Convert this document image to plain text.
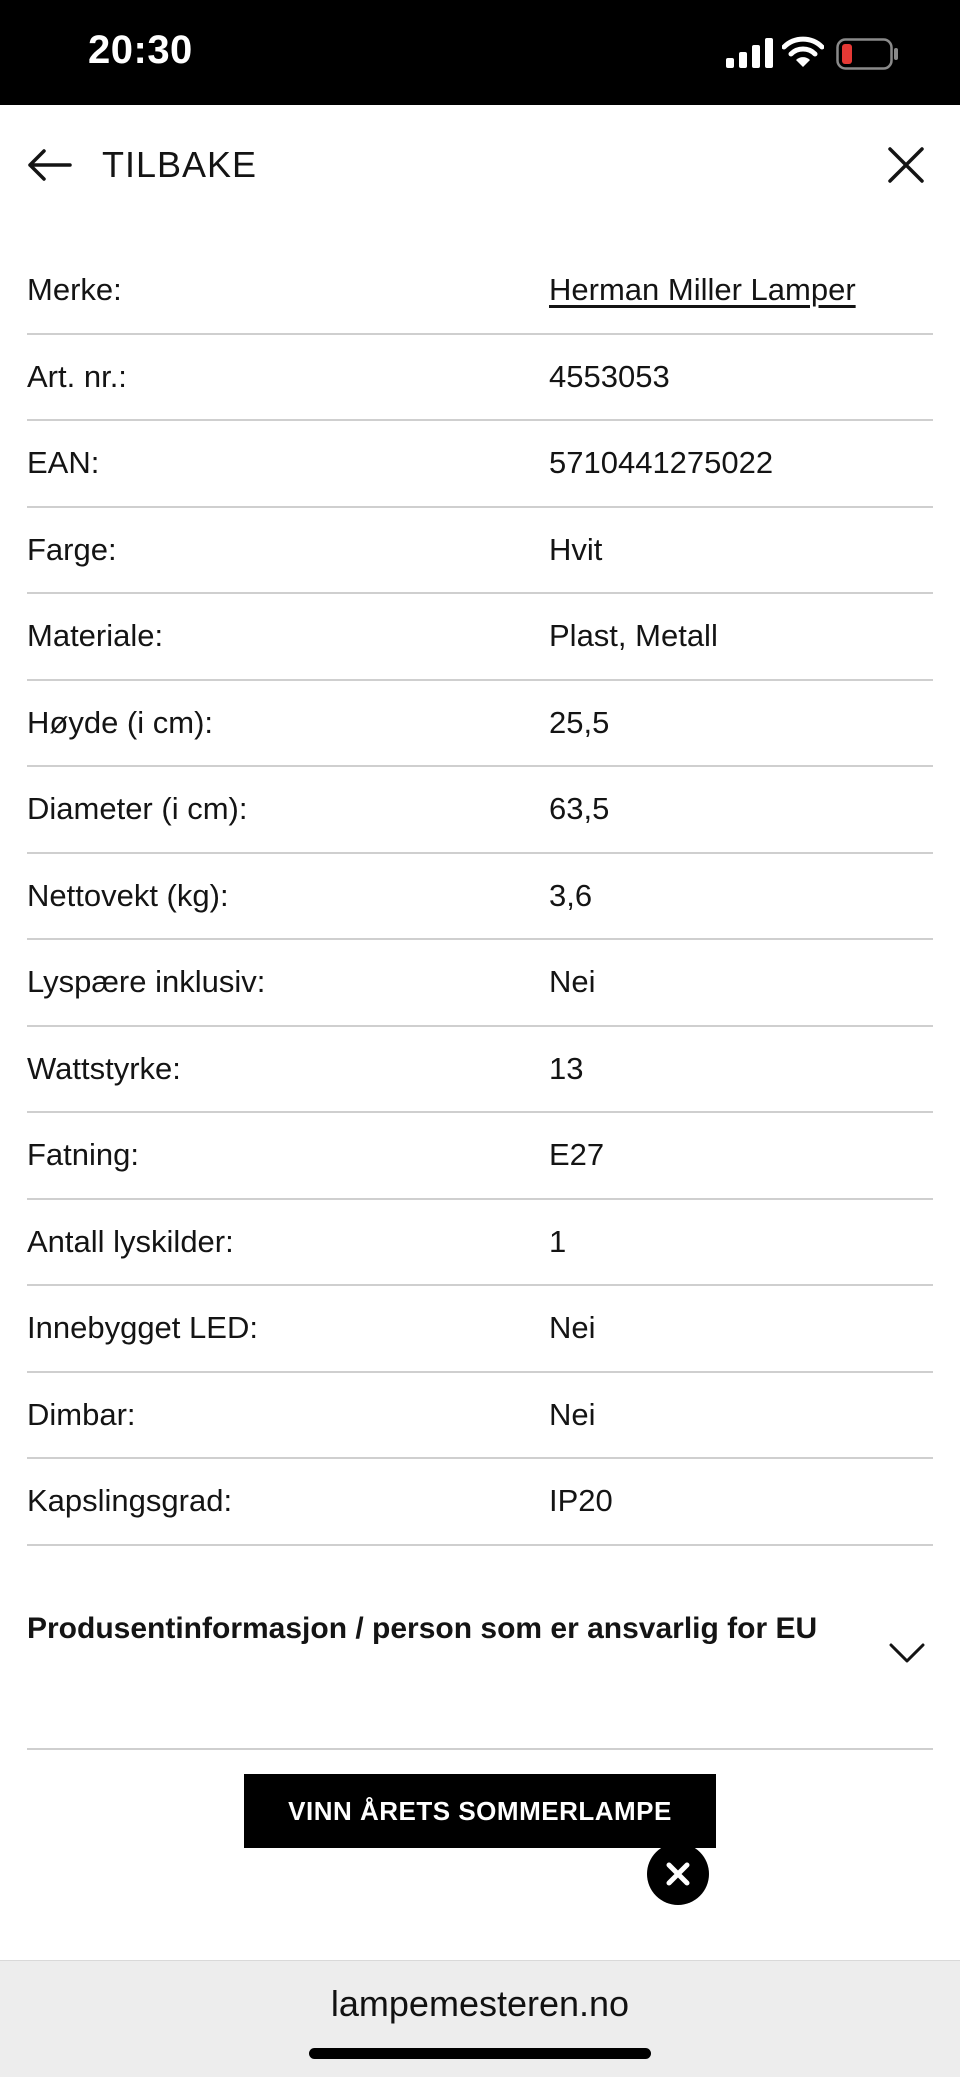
20:30
TILBAKE
Merke:	Herman Miller Lamper
Art. nr.:	4553053
EAN:	5710441275022
Farge:	Hvit
Materiale:	Plast, Metall
Høyde (i cm):	25,5
Diameter (i cm):	63,5
Nettovekt (kg):	3,6
Lyspære inklusiv:	Nei
Wattstyrke:	13
Fatning:	E27
Antall lyskilder:	1
Innebygget LED:	Nei
Dimbar:	Nei
Kapslingsgrad:	IP20
Produsentinformasjon / person som er ansvarlig for EU
VINN ÅRETS SOMMERLAMPE
lampemesteren.no
